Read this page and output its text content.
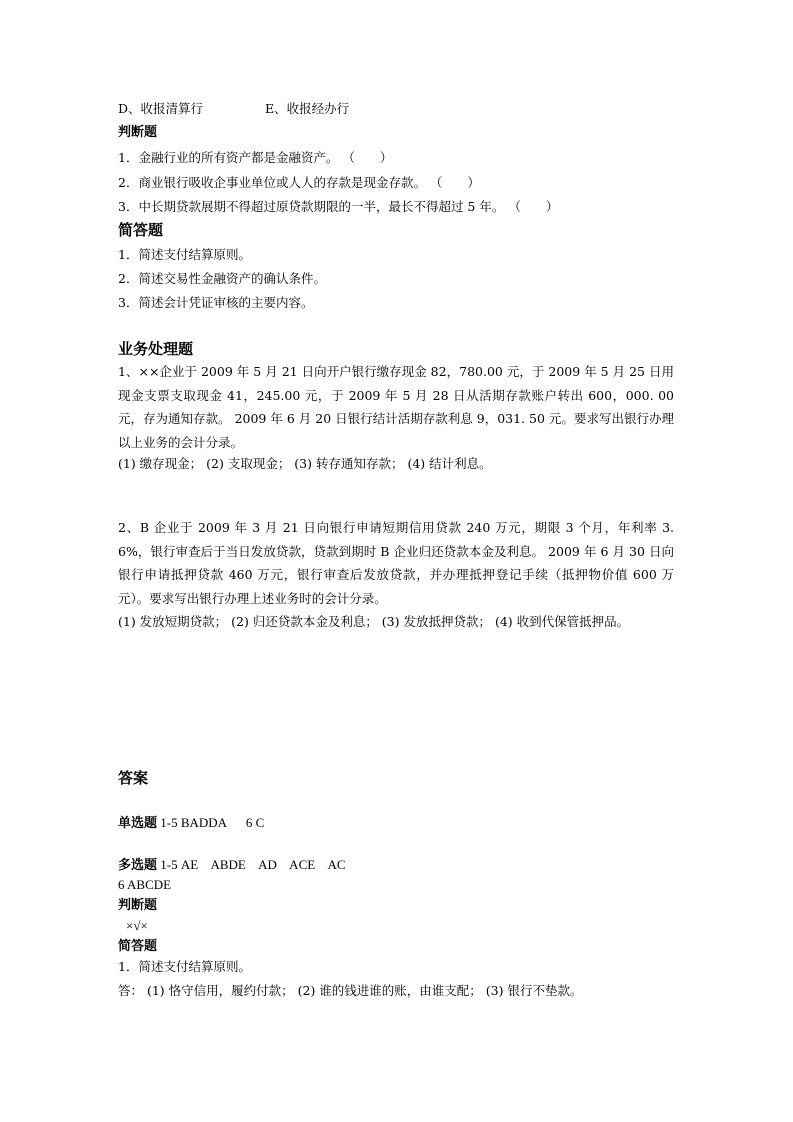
D、收报清算行	E、收报经办行
判断题
1．金融行业的所有资产都是金融资产。 （　　）
2．商业银行吸收企事业单位或人人的存款是现金存款。 （　　）
3．中长期贷款展期不得超过原贷款期限的一半，最长不得超过 5 年。 （　　）
简答题
1．简述支付结算原则。
2．简述交易性金融资产的确认条件。
3．简述会计凭证审核的主要内容。
业务处理题
1、××企业于 2009 年 5 月 21 日向开户银行缴存现金 82，780.00 元，于 2009 年 5 月 25 日用现金支票支取现金 41，245.00 元，于 2009 年 5 月 28 日从活期存款账户转出 600，000. 00 元，存为通知存款。 2009 年 6 月 20 日银行结计活期存款利息 9，031. 50 元。要求写出银行办理以上业务的会计分录。
(1) 缴存现金； (2) 支取现金； (3) 转存通知存款； (4) 结计利息。
2、B 企业于 2009 年 3 月 21 日向银行申请短期信用贷款 240 万元，期限 3 个月，年利率 3. 6%，银行审查后于当日发放贷款，贷款到期时 B 企业归还贷款本金及利息。 2009 年 6 月 30 日向银行申请抵押贷款 460 万元，银行审查后发放贷款，并办理抵押登记手续（抵押物价值 600 万元）。要求写出银行办理上述业务时的会计分录。
(1) 发放短期贷款； (2) 归还贷款本金及利息； (3) 发放抵押贷款； (4) 收到代保管抵押品。
答案
单选题 1-5 BADDA      6 C
多选题 1-5 AE    ABDE    AD    ACE    AC
6 ABCDE
判断题
×√×
简答题
1．简述支付结算原则。
答： (1) 恪守信用，履约付款； (2) 谁的钱进谁的账，由谁支配； (3) 银行不垫款。
